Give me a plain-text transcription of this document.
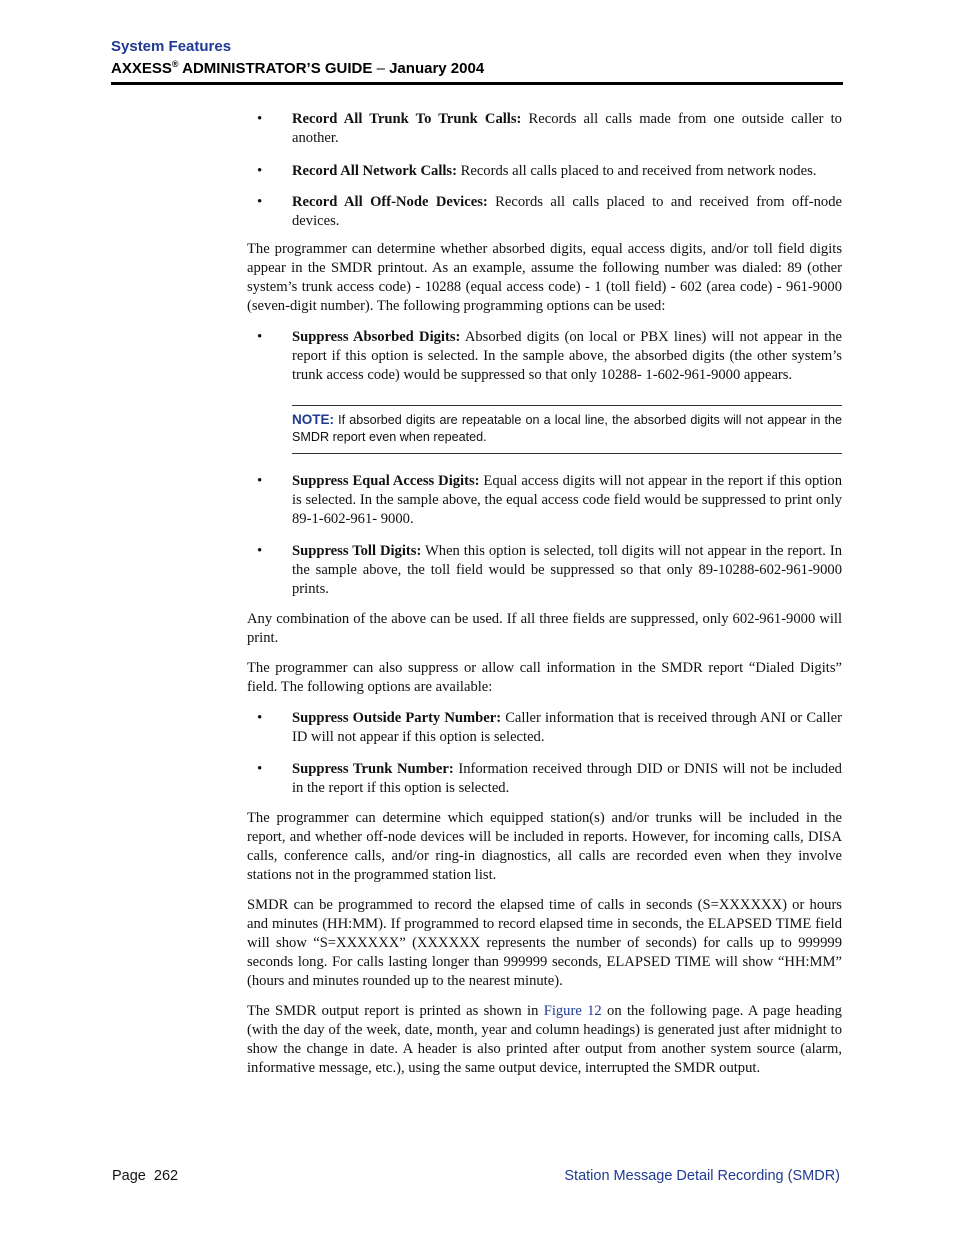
System Features
AXXESS® ADMINISTRATOR’S GUIDE – January 2004
• Record All Trunk To Trunk Calls: Records all calls made from one outside caller to another.
• Record All Network Calls: Records all calls placed to and received from network nodes.
• Record All Off-Node Devices: Records all calls placed to and received from off-node devices.

The programmer can determine whether absorbed digits, equal access digits, and/or toll field digits appear in the SMDR printout. As an example, assume the following number was dialed: 89 (other system’s trunk access code) - 10288 (equal access code) - 1 (toll field) - 602 (area code) - 961-9000 (seven-digit number). The following programming options can be used:

• Suppress Absorbed Digits: Absorbed digits (on local or PBX lines) will not appear in the report if this option is selected. In the sample above, the absorbed digits (the other system’s trunk access code) would be suppressed so that only 10288- 1-602-961-9000 appears.
NOTE: If absorbed digits are repeatable on a local line, the absorbed digits will not appear in the SMDR report even when repeated.
• Suppress Equal Access Digits: Equal access digits will not appear in the report if this option is selected. In the sample above, the equal access code field would be suppressed to print only 89-1-602-961- 9000.
• Suppress Toll Digits: When this option is selected, toll digits will not appear in the report. In the sample above, the toll field would be suppressed so that only 89-10288-602-961-9000 prints.

Any combination of the above can be used. If all three fields are suppressed, only 602-961-9000 will print.

The programmer can also suppress or allow call information in the SMDR report “Dialed Digits” field. The following options are available:

• Suppress Outside Party Number: Caller information that is received through ANI or Caller ID will not appear if this option is selected.
• Suppress Trunk Number: Information received through DID or DNIS will not be included in the report if this option is selected.

The programmer can determine which equipped station(s) and/or trunks will be included in the report, and whether off-node devices will be included in reports. However, for incoming calls, DISA calls, conference calls, and/or ring-in diagnostics, all calls are recorded even when they involve stations not in the programmed station list.

SMDR can be programmed to record the elapsed time of calls in seconds (S=XXXXXX) or hours and minutes (HH:MM). If programmed to record elapsed time in seconds, the ELAPSED TIME field will show “S=XXXXXX” (XXXXXX represents the number of seconds) for calls up to 999999 seconds long. For calls lasting longer than 999999 seconds, ELAPSED TIME will show “HH:MM” (hours and minutes rounded up to the nearest minute).

The SMDR output report is printed as shown in Figure 12 on the following page. A page heading (with the day of the week, date, month, year and column headings) is generated just after midnight to show the change in date. A header is also printed after output from another system source (alarm, informative message, etc.), using the same output device, interrupted the SMDR output.

Page  262	Station Message Detail Recording (SMDR)
